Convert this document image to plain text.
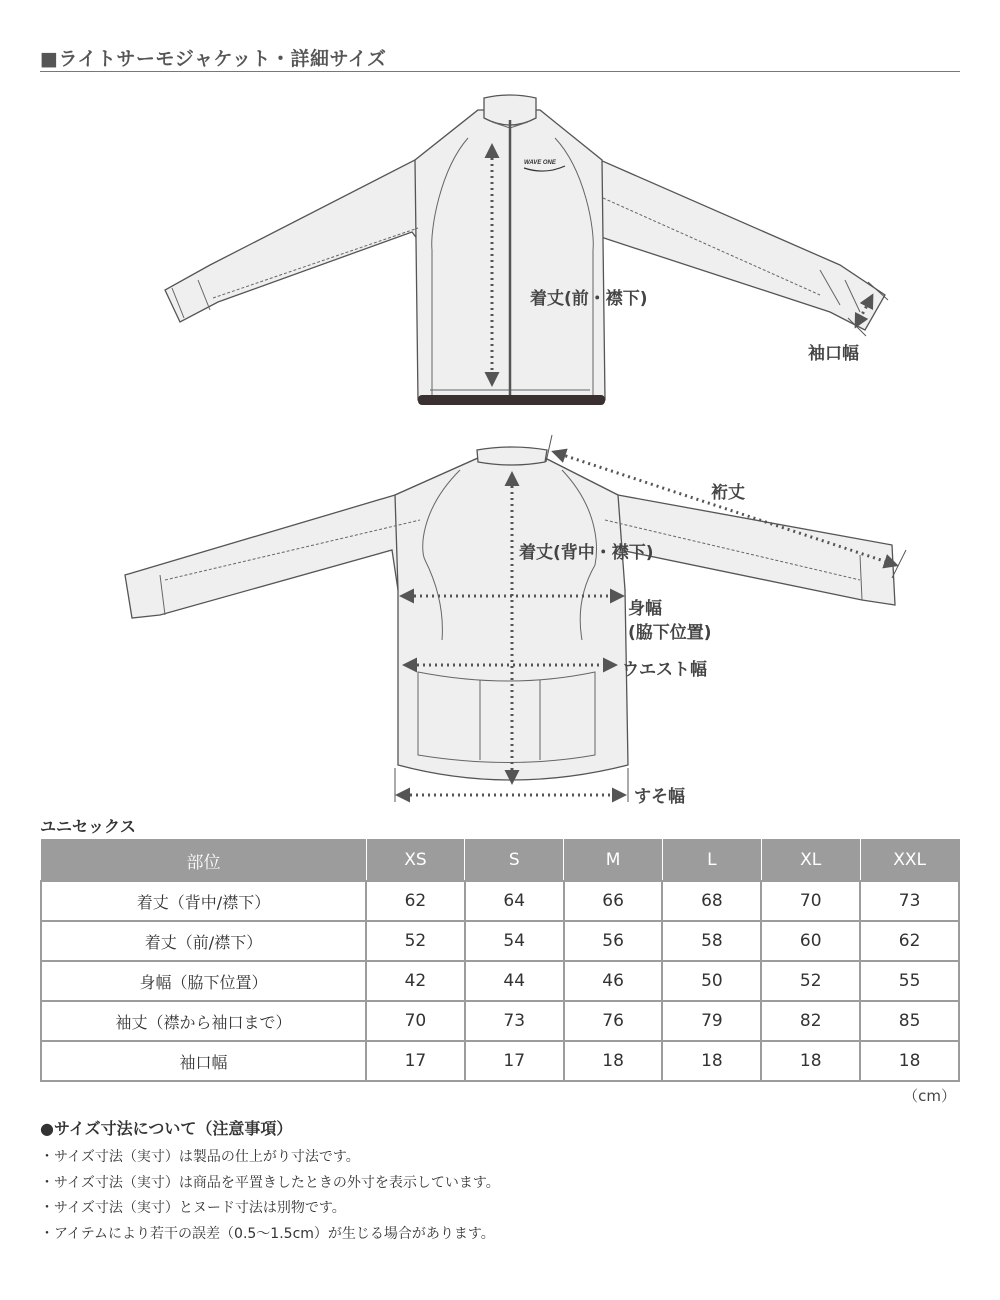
■ライトサーモジャケット・詳細サイズ
WAVE ONE
着丈(前・襟下)
袖口幅
裄丈
着丈(背中・襟下)
身幅
(脇下位置)
ウエスト幅
すそ幅
ユニセックス
部位	XS	S	M	L	XL	XXL
着丈（背中/襟下）	62	64	66	68	70	73
着丈（前/襟下）	52	54	56	58	60	62
身幅（脇下位置）	42	44	46	50	52	55
袖丈（襟から袖口まで）	70	73	76	79	82	85
袖口幅	17	17	18	18	18	18
（cm）
●サイズ寸法について（注意事項）
・サイズ寸法（実寸）は製品の仕上がり寸法です。
・サイズ寸法（実寸）は商品を平置きしたときの外寸を表示しています。
・サイズ寸法（実寸）とヌード寸法は別物です。
・アイテムにより若干の誤差（0.5〜1.5cm）が生じる場合があります。
